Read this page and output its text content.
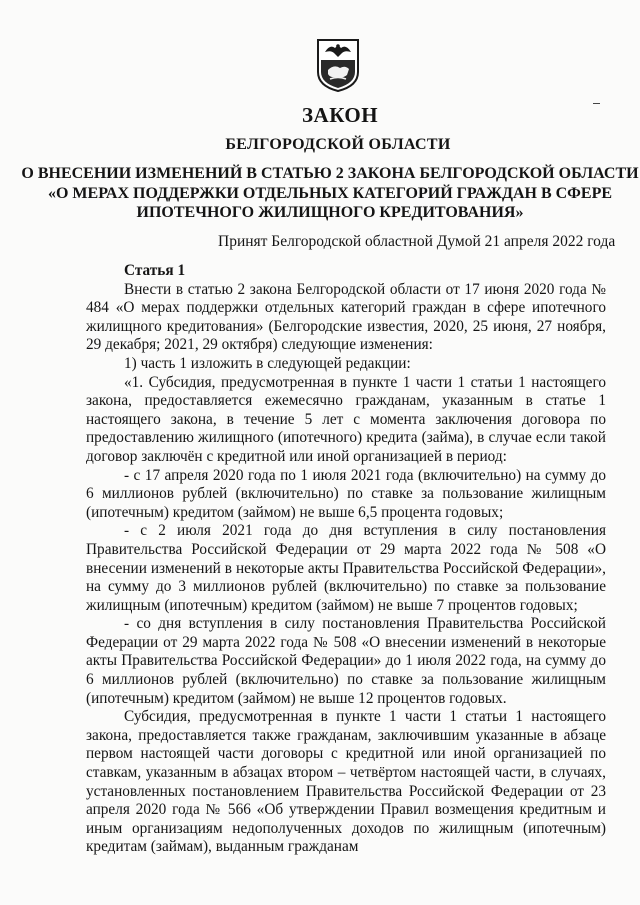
ЗАКОН
БЕЛГОРОДСКОЙ ОБЛАСТИ
О ВНЕСЕНИИ ИЗМЕНЕНИЙ В СТАТЬЮ 2 ЗАКОНА БЕЛГОРОДСКОЙ ОБЛАСТИ «О МЕРАХ ПОДДЕРЖКИ ОТДЕЛЬНЫХ КАТЕГОРИЙ ГРАЖДАН В СФЕРЕ ИПОТЕЧНОГО ЖИЛИЩНОГО КРЕДИТОВАНИЯ»
Принят Белгородской областной Думой 21 апреля 2022 года

Статья 1

Внести в статью 2 закона Белгородской области от 17 июня 2020 года № 484 «О мерах поддержки отдельных категорий граждан в сфере ипотечного жилищного кредитования» (Белгородские известия, 2020, 25 июня, 27 ноября, 29 декабря; 2021, 29 октября) следующие изменения:

1) часть 1 изложить в следующей редакции:

«1. Субсидия, предусмотренная в пункте 1 части 1 статьи 1 настоящего закона, предоставляется ежемесячно гражданам, указанным в статье 1 настоящего закона, в течение 5 лет с момента заключения договора по предоставлению жилищного (ипотечного) кредита (займа), в случае если такой договор заключён с кредитной или иной организацией в период:

- с 17 апреля 2020 года по 1 июля 2021 года (включительно) на сумму до 6 миллионов рублей (включительно) по ставке за пользование жилищным (ипотечным) кредитом (займом) не выше 6,5 процента годовых;

- с 2 июля 2021 года до дня вступления в силу постановления Правительства Российской Федерации от 29 марта 2022 года № 508 «О внесении изменений в некоторые акты Правительства Российской Федерации», на сумму до 3 миллионов рублей (включительно) по ставке за пользование жилищным (ипотечным) кредитом (займом) не выше 7 процентов годовых;

- со дня вступления в силу постановления Правительства Российской Федерации от 29 марта 2022 года № 508 «О внесении изменений в некоторые акты Правительства Российской Федерации» до 1 июля 2022 года, на сумму до 6 миллионов рублей (включительно) по ставке за пользование жилищным (ипотечным) кредитом (займом) не выше 12 процентов годовых.

Субсидия, предусмотренная в пункте 1 части 1 статьи 1 настоящего закона, предоставляется также гражданам, заключившим указанные в абзаце первом настоящей части договоры с кредитной или иной организацией по ставкам, указанным в абзацах втором – четвёртом настоящей части, в случаях, установленных постановлением Правительства Российской Федерации от 23 апреля 2020 года № 566 «Об утверждении Правил возмещения кредитным и иным организациям недополученных доходов по жилищным (ипотечным) кредитам (займам), выданным гражданам
